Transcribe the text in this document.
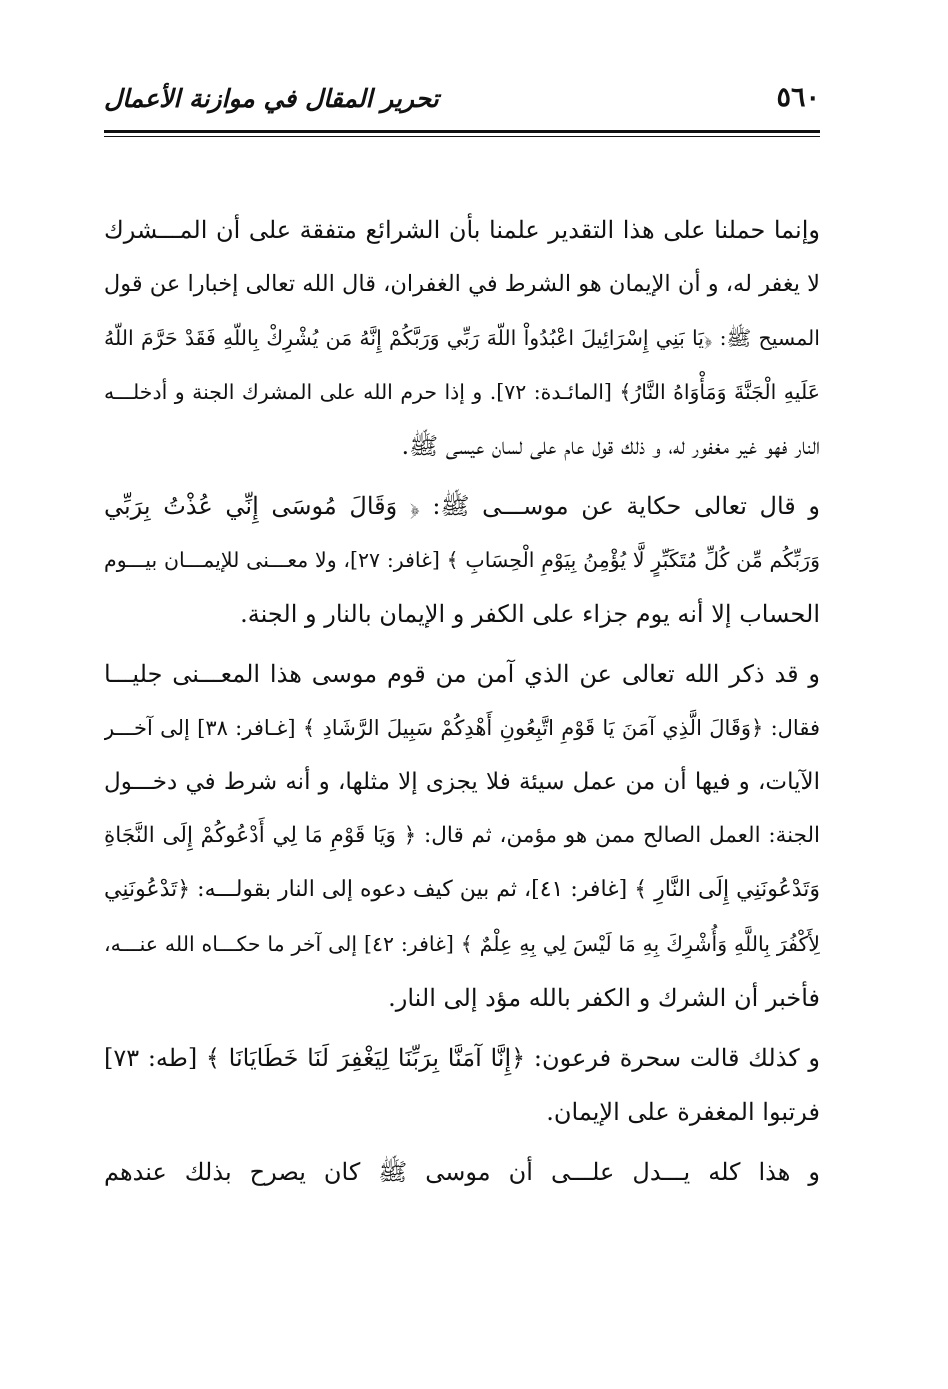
٥٦٠
تحرير المقال في موازنة الأعمال
وإنما حملنا على هذا التقدير علمنا بأن الشرائع متفقة على أن المـــشرك
لا يغفر له، و أن الإيمان هو الشرط في الغفران، قال الله تعالى إخبارا عن قول
المسيح ﷺ: ﴿يَا بَنِي إِسْرَائِيلَ اعْبُدُواْ اللّهَ رَبِّي وَرَبَّكُمْ إِنَّهُ مَن يُشْرِكْ بِاللّهِ فَقَدْ حَرَّمَ اللّهُ
عَلَيهِ الْجَنَّةَ وَمَأْوَاهُ النَّارُ﴾ [المائـدة: ٧٢]. و إذا حرم الله على المشرك الجنة و أدخلـــه
النار فهو غير مغفور له، و ذلك قول عام على لسان عيسى ﷺ.
و قال تعالى حكاية عن موســـى ﷺ: ﴿ وَقَالَ مُوسَى إِنِّي عُذْتُ بِرَبِّي
وَرَبِّكُم مِّن كُلِّ مُتَكَبِّرٍ لَّا يُؤْمِنُ بِيَوْمِ الْحِسَابِ ﴾ [غافر: ٢٧]، ولا معـــنى للإيمـــان بيـــوم
الحساب إلا أنه يوم جزاء على الكفر و الإيمان بالنار و الجنة.
و قد ذكر الله تعالى عن الذي آمن من قوم موسى هذا المعـــنى جليـــا
فقال: ﴿وَقَالَ الَّذِي آمَنَ يَا قَوْمِ اتَّبِعُونِ أَهْدِكُمْ سَبِيلَ الرَّشَادِ ﴾ [غـافر: ٣٨] إلى آخـــر
الآيات، و فيها أن من عمل سيئة فلا يجزى إلا مثلها، و أنه شرط في دخـــول
الجنة: العمل الصالح ممن هو مؤمن، ثم قال: ﴿ وَيَا قَوْمِ مَا لِي أَدْعُوكُمْ إِلَى النَّجَاةِ
وَتَدْعُونَنِي إِلَى النَّارِ ﴾ [غافر: ٤١]، ثم بين كيف دعوه إلى النار بقولـــه: ﴿تَدْعُونَنِي
لِأَكْفُرَ بِاللَّهِ وَأُشْرِكَ بِهِ مَا لَيْسَ لِي بِهِ عِلْمٌ ﴾ [غافر: ٤٢] إلى آخر ما حكـــاه الله عنـــه،
فأخبر أن الشرك و الكفر بالله مؤد إلى النار.
و كذلك قالت سحرة فرعون: ﴿إِنَّا آمَنَّا بِرَبِّنَا لِيَغْفِرَ لَنَا خَطَايَانَا ﴾ [طه: ٧٣]
فرتبوا المغفرة على الإيمان.
و هذا كله يـــدل علـــى أن موسى ﷺ كان يصرح بذلك عندهم
